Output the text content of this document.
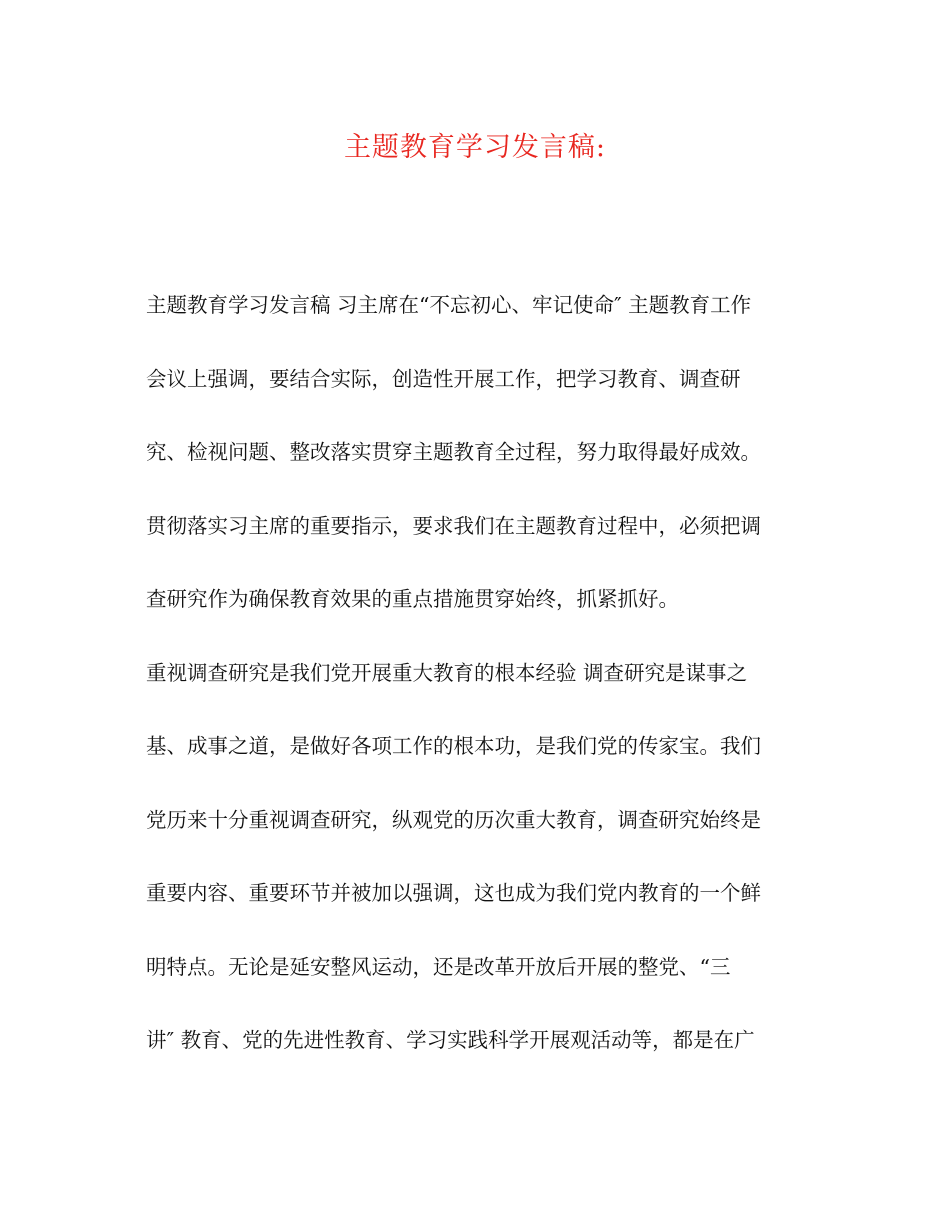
主题教育学习发言稿:
主题教育学习发言稿 习主席在“不忘初心、牢记使命″ 主题教育工作
会议上强调，要结合实际，创造性开展工作，把学习教育、调查研
究、检视问题、整改落实贯穿主题教育全过程，努力取得最好成效。
贯彻落实习主席的重要指示，要求我们在主题教育过程中，必须把调
查研究作为确保教育效果的重点措施贯穿始终，抓紧抓好。
重视调查研究是我们党开展重大教育的根本经验 调查研究是谋事之
基、成事之道，是做好各项工作的根本功，是我们党的传家宝。我们
党历来十分重视调查研究，纵观党的历次重大教育，调查研究始终是
重要内容、重要环节并被加以强调，这也成为我们党内教育的一个鲜
明特点。无论是延安整风运动，还是改革开放后开展的整党、“三
讲″ 教育、党的先进性教育、学习实践科学开展观活动等，都是在广
